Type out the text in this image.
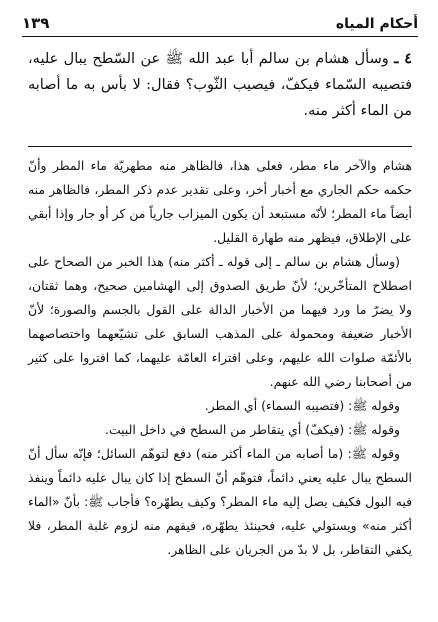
أحكام المياه
١٣٩

٤ ـ وسأل هشام بن سالم أبا عبد الله ﷺ عن السّطح يبال عليه، فتصيبه السّماء فيكفّ، فيصيب الثّوب؟ فقال: لا بأس به ما أصابه من الماء أكثر منه.

هشام والآخر ماء مطر، فعلى هذا، فالظاهر منه مطهريّة ماء المطر وأنّ حكمه حكم الجاري مع أخبار أخر، وعلى تقدير عدم ذكر المطر، فالظاهر منه أيضاً ماء المطر؛ لأنّه مستبعد أن يكون الميزاب جارياً من كر أو جار وإذا أبقي على الإطلاق، فيظهر منه طهارة القليل.

(وسأل هشام بن سالم ـ إلى قوله ـ أكثر منه) هذا الخبر من الصحاح على اصطلاح المتأخّرين؛ لأنّ طريق الصدوق إلى الهشامين صحيح، وهما ثقتان، ولا يضرّ ما ورد فيهما من الأخبار الدالة على القول بالجسم والصورة؛ لأنّ الأخبار ضعيفة ومحمولة على المذهب السابق على تشيّعهما واختصاصهما بالأئمّة صلوات الله عليهم، وعلى افتراء العامّة عليهما، كما افتروا على كثير من أصحابنا رضي الله عنهم.

وقوله ﷺ: (فتصيبه السماء) أي المطر.

وقوله ﷺ: (فيكفّ) أي يتقاطر من السطح في داخل البيت.

وقوله ﷺ: (ما أصابه من الماء أكثر منه) دفع لتوهّم السائل؛ فإنّه سأل أنّ السطح يبال عليه يعني دائماً، فتوهّم أنّ السطح إذا كان يبال عليه دائماً وينفذ فيه البول فكيف يصل إليه ماء المطر؟ وكيف يطهّره؟ فأجاب ﷺ: بأنّ «الماء أكثر منه» ويستولي عليه، فحينئذ يطهّره، فيفهم منه لزوم غلبة المطر، فلا يكفي التقاطر، بل لا بدّ من الجريان على الظاهر.
